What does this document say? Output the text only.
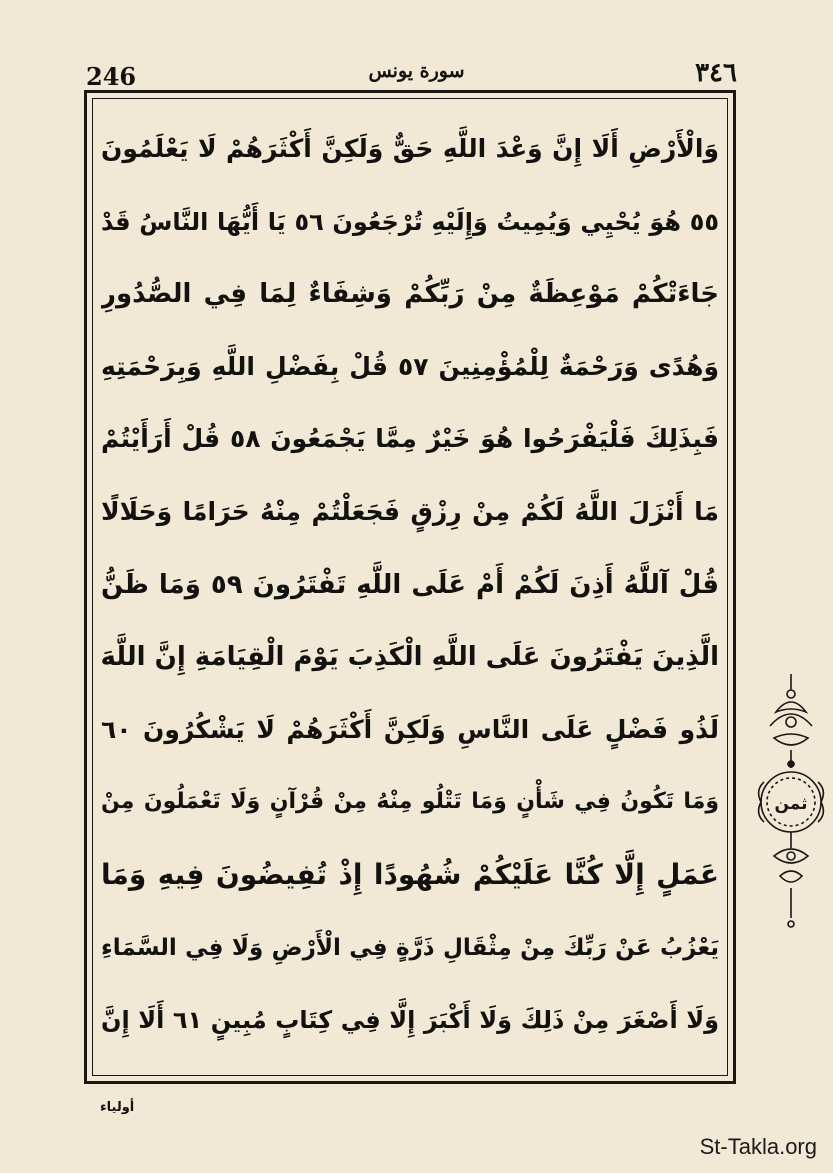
246	سورة يونس	٣٤٦
وَالْأَرْضِ أَلَا إِنَّ وَعْدَ اللَّهِ حَقٌّ وَلَكِنَّ أَكْثَرَهُمْ لَا يَعْلَمُونَ
٥٥ هُوَ يُحْيِي وَيُمِيتُ وَإِلَيْهِ تُرْجَعُونَ ٥٦ يَا أَيُّهَا النَّاسُ قَدْ
جَاءَتْكُمْ مَوْعِظَةٌ مِنْ رَبِّكُمْ وَشِفَاءٌ لِمَا فِي الصُّدُورِ
وَهُدًى وَرَحْمَةٌ لِلْمُؤْمِنِينَ ٥٧ قُلْ بِفَضْلِ اللَّهِ وَبِرَحْمَتِهِ
فَبِذَلِكَ فَلْيَفْرَحُوا هُوَ خَيْرٌ مِمَّا يَجْمَعُونَ ٥٨ قُلْ أَرَأَيْتُمْ
مَا أَنْزَلَ اللَّهُ لَكُمْ مِنْ رِزْقٍ فَجَعَلْتُمْ مِنْهُ حَرَامًا وَحَلَالًا
قُلْ آللَّهُ أَذِنَ لَكُمْ أَمْ عَلَى اللَّهِ تَفْتَرُونَ ٥٩ وَمَا ظَنُّ
الَّذِينَ يَفْتَرُونَ عَلَى اللَّهِ الْكَذِبَ يَوْمَ الْقِيَامَةِ إِنَّ اللَّهَ
لَذُو فَضْلٍ عَلَى النَّاسِ وَلَكِنَّ أَكْثَرَهُمْ لَا يَشْكُرُونَ ٦٠
وَمَا تَكُونُ فِي شَأْنٍ وَمَا تَتْلُو مِنْهُ مِنْ قُرْآنٍ وَلَا تَعْمَلُونَ مِنْ
عَمَلٍ إِلَّا كُنَّا عَلَيْكُمْ شُهُودًا إِذْ تُفِيضُونَ فِيهِ وَمَا
يَعْزُبُ عَنْ رَبِّكَ مِنْ مِثْقَالِ ذَرَّةٍ فِي الْأَرْضِ وَلَا فِي السَّمَاءِ
وَلَا أَصْغَرَ مِنْ ذَلِكَ وَلَا أَكْبَرَ إِلَّا فِي كِتَابٍ مُبِينٍ ٦١ أَلَا إِنَّ
ثمن
أولياء
St-Takla.org
